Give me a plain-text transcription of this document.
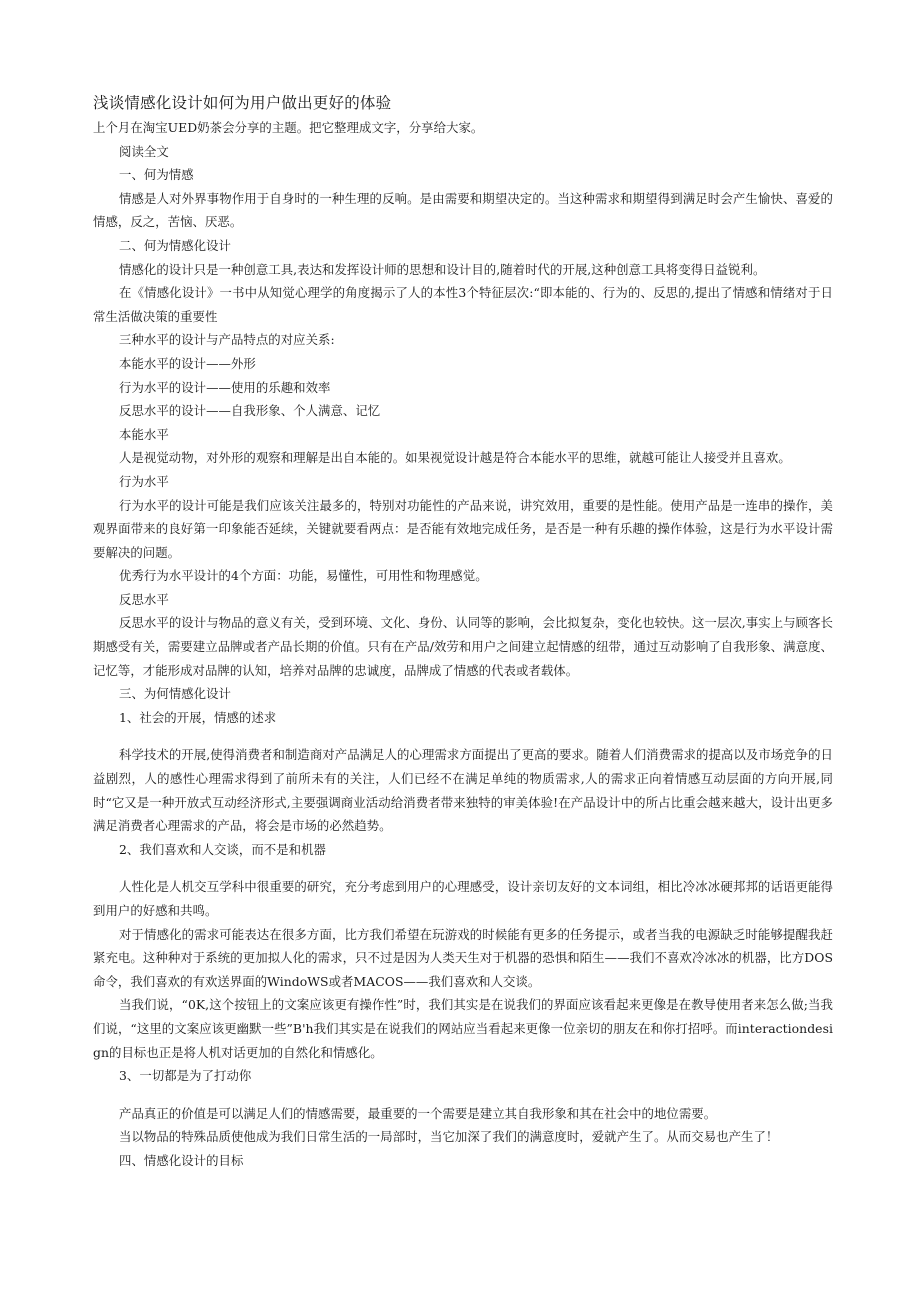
浅谈情感化设计如何为用户做出更好的体验

上个月在淘宝UED奶茶会分享的主题。把它整理成文字，分享给大家。

阅读全文

一、何为情感

情感是人对外界事物作用于自身时的一种生理的反响。是由需要和期望决定的。当这种需求和期望得到满足时会产生愉快、喜爱的情感，反之，苦恼、厌恶。

二、何为情感化设计

情感化的设计只是一种创意工具,表达和发挥设计师的思想和设计目的,随着时代的开展,这种创意工具将变得日益锐利。

在《情感化设计》一书中从知觉心理学的角度揭示了人的本性3个特征层次:“即本能的、行为的、反思的,提出了情感和情绪对于日常生活做决策的重要性

三种水平的设计与产品特点的对应关系:

本能水平的设计——外形

行为水平的设计——使用的乐趣和效率

反思水平的设计——自我形象、个人满意、记忆

本能水平

人是视觉动物，对外形的观察和理解是出自本能的。如果视觉设计越是符合本能水平的思维，就越可能让人接受并且喜欢。

行为水平

行为水平的设计可能是我们应该关注最多的，特别对功能性的产品来说，讲究效用，重要的是性能。使用产品是一连串的操作，美观界面带来的良好第一印象能否延续，关键就要看两点：是否能有效地完成任务，是否是一种有乐趣的操作体验，这是行为水平设计需要解决的问题。

优秀行为水平设计的4个方面：功能，易懂性，可用性和物理感觉。

反思水平

反思水平的设计与物品的意义有关，受到环境、文化、身份、认同等的影响，会比拟复杂，变化也较快。这一层次,事实上与顾客长期感受有关，需要建立品牌或者产品长期的价值。只有在产品/效劳和用户之间建立起情感的纽带，通过互动影响了自我形象、满意度、记忆等，才能形成对品牌的认知，培养对品牌的忠诚度，品牌成了情感的代表或者载体。

三、为何情感化设计

1、社会的开展，情感的述求

科学技术的开展,使得消费者和制造商对产品满足人的心理需求方面提出了更高的要求。随着人们消费需求的提高以及市场竞争的日益剧烈，人的感性心理需求得到了前所未有的关注，人们已经不在满足单纯的物质需求,人的需求正向着情感互动层面的方向开展,同时“它又是一种开放式互动经济形式,主要强调商业活动给消费者带来独特的审美体验!在产品设计中的所占比重会越来越大，设计出更多满足消费者心理需求的产品，将会是市场的必然趋势。

2、我们喜欢和人交谈，而不是和机器

人性化是人机交互学科中很重要的研究，充分考虑到用户的心理感受，设计亲切友好的文本词组，相比冷冰冰硬邦邦的话语更能得到用户的好感和共鸣。

对于情感化的需求可能表达在很多方面，比方我们希望在玩游戏的时候能有更多的任务提示，或者当我的电源缺乏时能够提醒我赶紧充电。这种种对于系统的更加拟人化的需求，只不过是因为人类天生对于机器的恐惧和陌生——我们不喜欢冷冰冰的机器，比方DOS命令，我们喜欢的有欢送界面的WindoWS或者MACOS——我们喜欢和人交谈。

当我们说，“0K,这个按钮上的文案应该更有操作性”时，我们其实是在说我们的界面应该看起来更像是在教导使用者来怎么做;当我们说，“这里的文案应该更幽默一些”B'h我们其实是在说我们的网站应当看起来更像一位亲切的朋友在和你打招呼。而interactiondesign的目标也正是将人机对话更加的自然化和情感化。

3、一切都是为了打动你

产品真正的价值是可以满足人们的情感需要，最重要的一个需要是建立其自我形象和其在社会中的地位需要。

当以物品的特殊品质使他成为我们日常生活的一局部时，当它加深了我们的满意度时，爱就产生了。从而交易也产生了！

四、情感化设计的目标
